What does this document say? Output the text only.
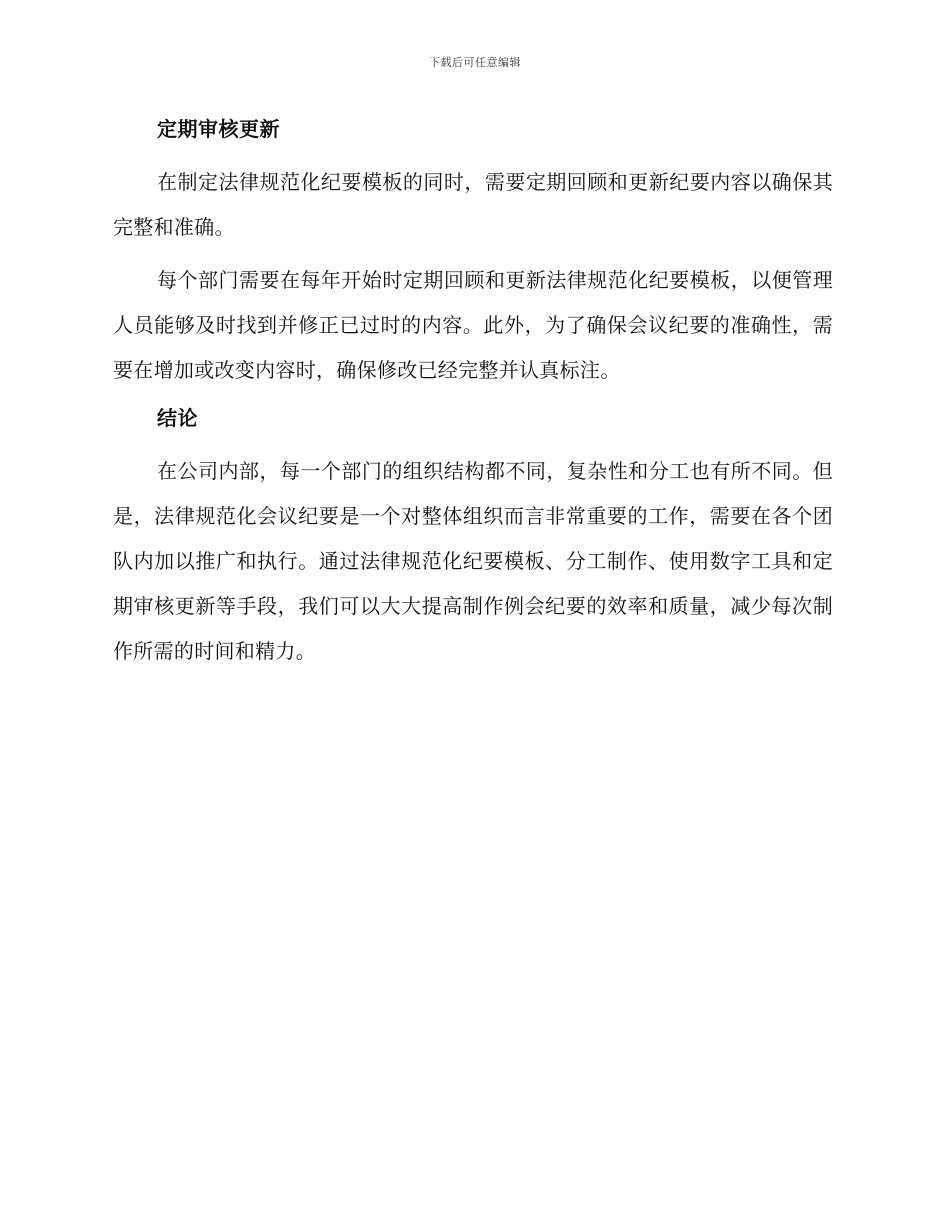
下载后可任意编辑
定期审核更新

在制定法律规范化纪要模板的同时，需要定期回顾和更新纪要内容以确保其完整和准确。

每个部门需要在每年开始时定期回顾和更新法律规范化纪要模板，以便管理人员能够及时找到并修正已过时的内容。此外，为了确保会议纪要的准确性，需要在增加或改变内容时，确保修改已经完整并认真标注。

结论

在公司内部，每一个部门的组织结构都不同，复杂性和分工也有所不同。但是，法律规范化会议纪要是一个对整体组织而言非常重要的工作，需要在各个团队内加以推广和执行。通过法律规范化纪要模板、分工制作、使用数字工具和定期审核更新等手段，我们可以大大提高制作例会纪要的效率和质量，减少每次制作所需的时间和精力。
